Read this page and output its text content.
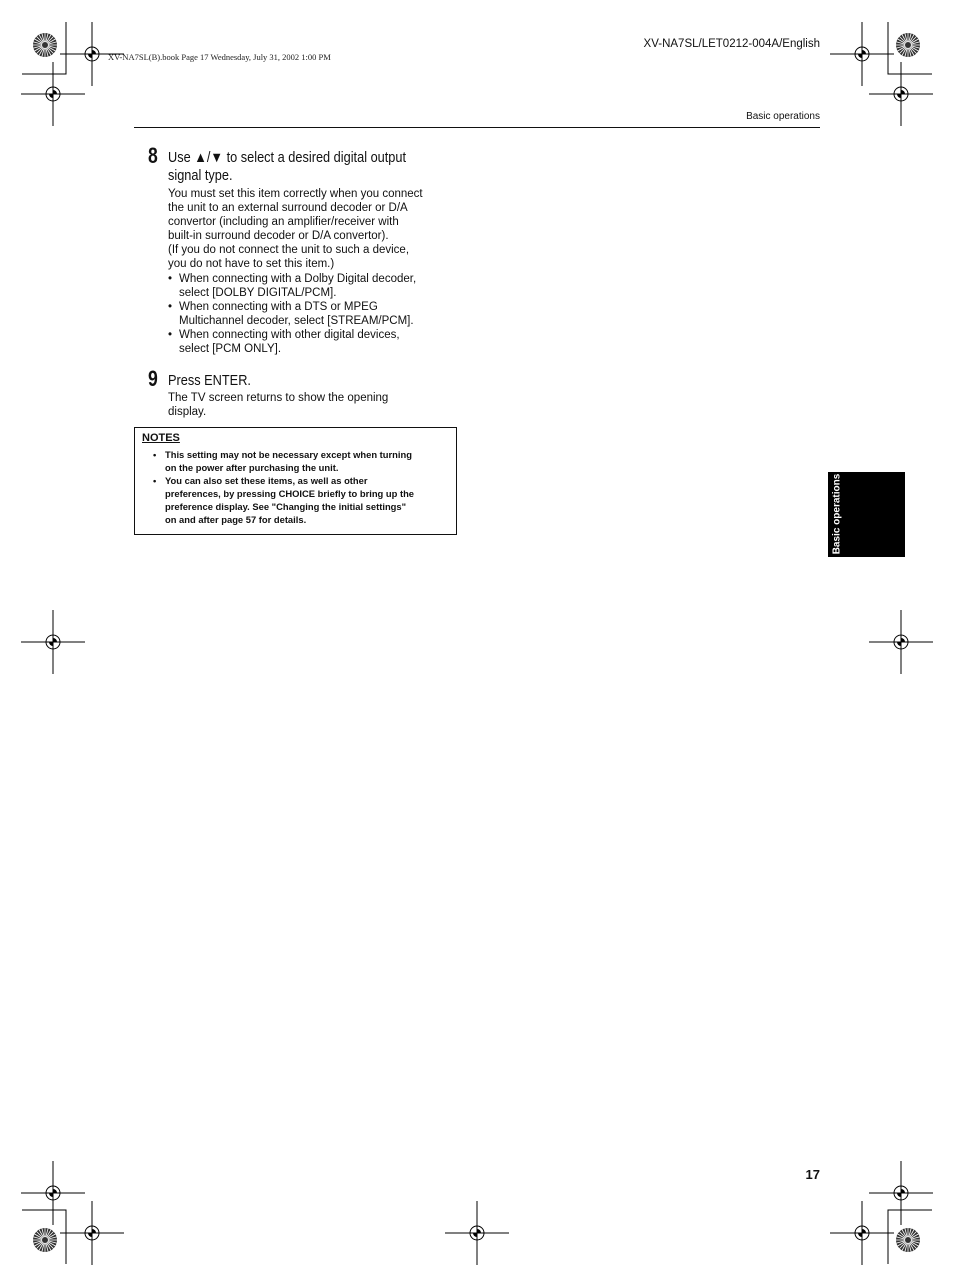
XV-NA7SL(B).book Page 17 Wednesday, July 31, 2002 1:00 PM
XV-NA7SL/LET0212-004A/English
Basic operations
8 Use ▲/▼ to select a desired digital output
signal type.

You must set this item correctly when you connect

the unit to an external surround decoder or D/A

convertor (including an amplifier/receiver with

built-in surround decoder or D/A convertor).

(If you do not connect the unit to such a device,

you do not have to set this item.)

• When connecting with a Dolby Digital decoder,
select [DOLBY DIGITAL/PCM].
• When connecting with a DTS or MPEG
Multichannel decoder, select [STREAM/PCM].
• When connecting with other digital devices,
select [PCM ONLY].
9 Press ENTER.

The TV screen returns to show the opening

display.

NOTES
• This setting may not be necessary except when turning
on the power after purchasing the unit.
• You can also set these items, as well as other
preferences, by pressing CHOICE briefly to bring up the
preference display. See "Changing the initial settings"
on and after page 57 for details.	Basic operations
17
